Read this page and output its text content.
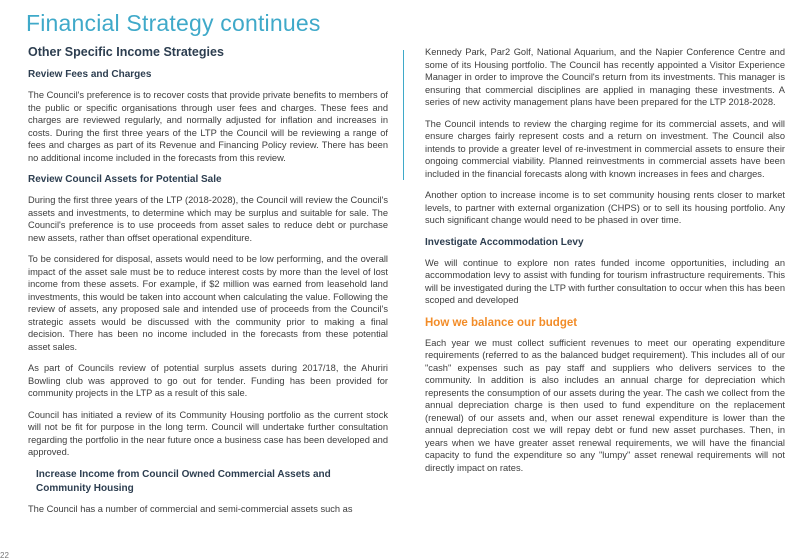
Financial Strategy continues
Other Specific Income Strategies
Review Fees and Charges

The Council's preference is to recover costs that provide private benefits to members of the public or specific organisations through user fees and charges. These fees and charges are reviewed regularly, and normally adjusted for inflation and increases in costs. During the first three years of the LTP the Council will be reviewing a range of fees and charges as part of its Revenue and Financing Policy review. There has been no additional income included in the forecasts from this review.

Review Council Assets for Potential Sale

During the first three years of the LTP (2018-2028), the Council will review the Council's assets and investments, to determine which may be surplus and suitable for sale. The Council's preference is to use proceeds from asset sales to reduce debt or purchase new assets, rather than offset operational expenditure.

To be considered for disposal, assets would need to be low performing, and the overall impact of the asset sale must be to reduce interest costs by more than the level of lost income from these assets. For example, if $2 million was earned from leasehold land investments, this would be taken into account when calculating the value. Following the review of assets, any proposed sale and intended use of proceeds from the Council's strategic assets would be discussed with the community prior to making a final decision. There has been no income included in the forecasts from these potential asset sales.

As part of Councils review of potential surplus assets during 2017/18, the Ahuriri Bowling club was approved to go out for tender. Funding has been provided for community projects in the LTP as a result of this sale.

Council has initiated a review of its Community Housing portfolio as the current stock will not be fit for purpose in the long term. Council will undertake further consultation regarding the portfolio in the near future once a business case has been developed and approved.

Increase Income from Council Owned Commercial Assets and Community Housing

The Council has a number of commercial and semi-commercial assets such as

22

Kennedy Park, Par2 Golf, National Aquarium, and the Napier Conference Centre and some of its Housing portfolio. The Council has recently appointed a Visitor Experience Manager in order to improve the Council's return from its investments. This manager is ensuring that commercial disciplines are applied in managing these investments. A series of new activity management plans have been prepared for the LTP 2018-2028.

The Council intends to review the charging regime for its commercial assets, and will ensure charges fairly represent costs and a return on investment. The Council also intends to provide a greater level of re-investment in commercial assets to ensure their ongoing commercial viability. Planned reinvestments in commercial assets have been included in the financial forecasts along with known increases in fees and charges.

Another option to increase income is to set community housing rents closer to market levels, to partner with external organization (CHPS) or to sell its housing portfolio. Any such significant change would need to be phased in over time.

Investigate Accommodation Levy

We will continue to explore non rates funded income opportunities, including an accommodation levy to assist with funding for tourism infrastructure requirements. This will be investigated during the LTP with further consultation to occur when this has been scoped and developed

How we balance our budget

Each year we must collect sufficient revenues to meet our operating expenditure requirements (referred to as the balanced budget requirement). This includes all of our "cash" expenses such as pay staff and suppliers who delivers services to the community. In addition is also includes an annual charge for depreciation which represents the consumption of our assets during the year. The cash we collect from the annual depreciation charge is then used to fund expenditure on the replacement (renewal) of our assets and, when our asset renewal expenditure is lower than the annual depreciation cost we will repay debt or fund new asset purchases. Then, in years when we have greater asset renewal requirements, we will have the financial capacity to fund the expenditure so any "lumpy" asset renewal requirements will not directly impact on rates.
